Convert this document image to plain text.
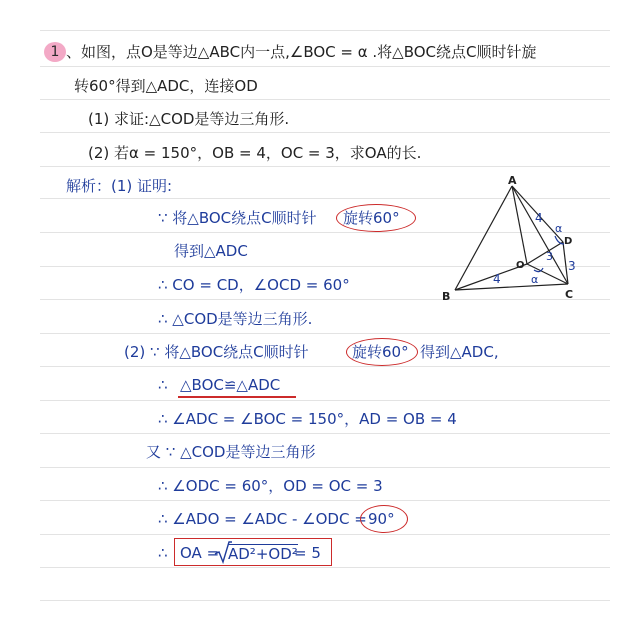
1 、如图，点O是等边△ABC内一点,∠BOC = α .将△BOC绕点C顺时针旋
转60°得到△ADC，连接OD
(1) 求证:△COD是等边三角形.
(2) 若α = 150°，OB = 4，OC = 3，求OA的长.
解析：(1) 证明:
∵ 将△BOC绕点C顺时针 旋转60°
得到△ADC
∴ CO = CD，∠OCD = 60°
∴ △COD是等边三角形.
(2) ∵ 将△BOC绕点C顺时针	旋转60° 得到△ADC,
∴ △BOC≌△ADC
∴ ∠ADC = ∠BOC = 150°，AD = OB = 4
又 ∵ △COD是等边三角形
∴ ∠ODC = 60°，OD = OC = 3
∴ ∠ADO = ∠ADC - ∠ODC = 90°
∴ OA = AD²+OD²
= 5
A
B	C
D
O
4
4
3
3
α
α
